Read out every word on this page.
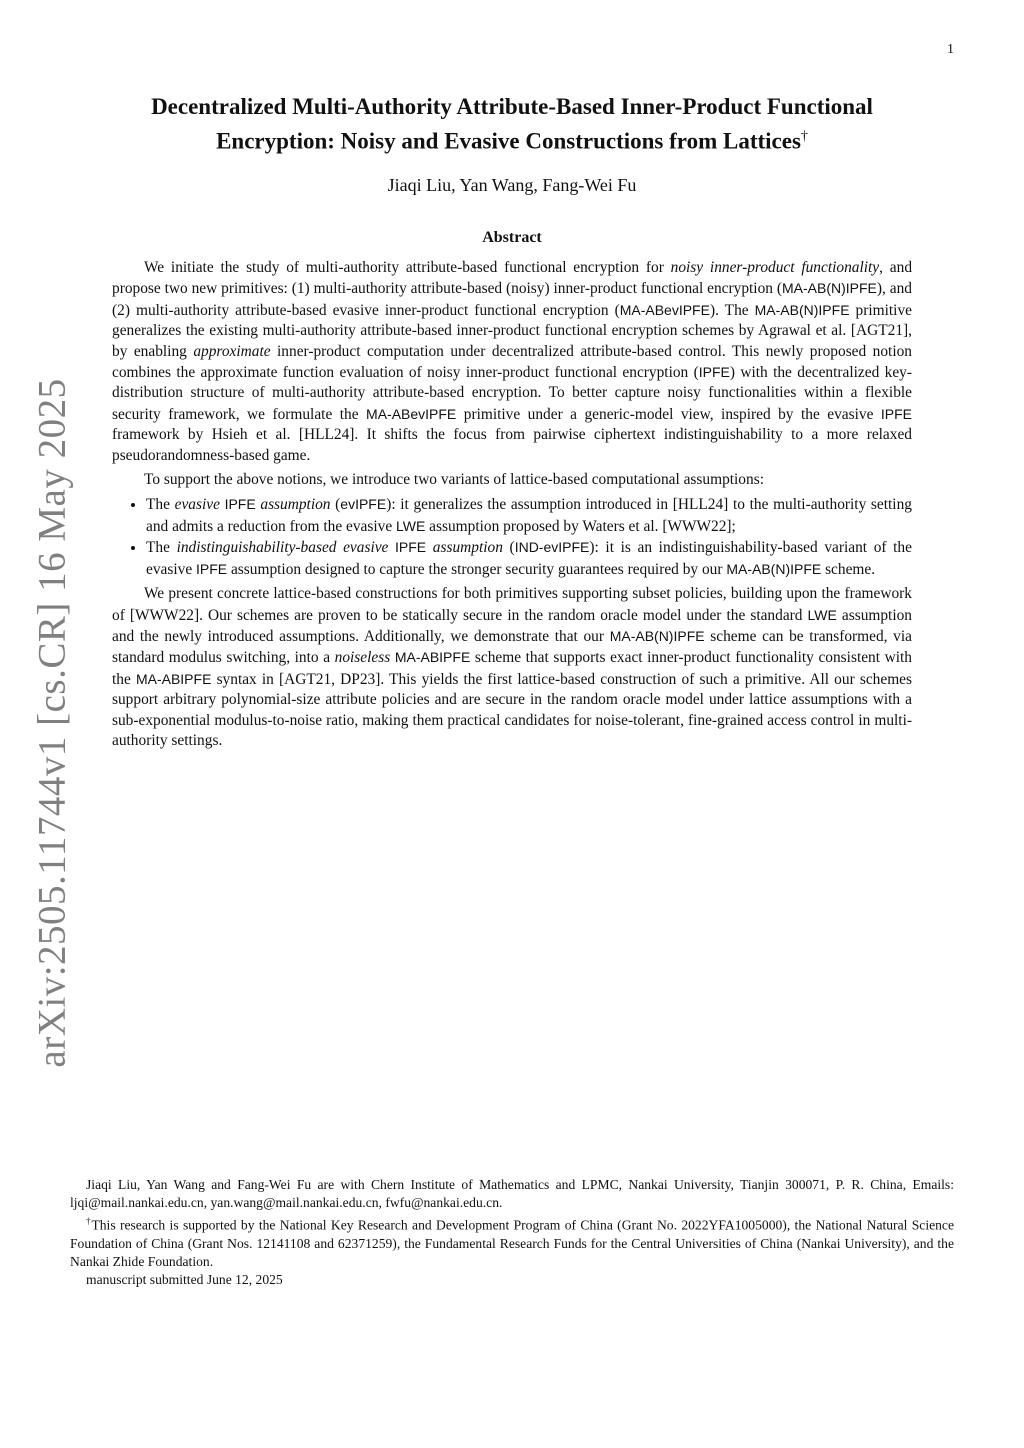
1
arXiv:2505.11744v1 [cs.CR] 16 May 2025
Decentralized Multi-Authority Attribute-Based Inner-Product Functional
Encryption: Noisy and Evasive Constructions from Lattices†
Jiaqi Liu, Yan Wang, Fang-Wei Fu
Abstract

We initiate the study of multi-authority attribute-based functional encryption for noisy inner-product functionality, and propose two new primitives: (1) multi-authority attribute-based (noisy) inner-product functional encryption (MA-AB(N)IPFE), and (2) multi-authority attribute-based evasive inner-product functional encryption (MA-ABevIPFE). The MA-AB(N)IPFE primitive generalizes the existing multi-authority attribute-based inner-product functional encryption schemes by Agrawal et al. [AGT21], by enabling approximate inner-product computation under decentralized attribute-based control. This newly proposed notion combines the approximate function evaluation of noisy inner-product functional encryption (IPFE) with the decentralized key-distribution structure of multi-authority attribute-based encryption. To better capture noisy functionalities within a flexible security framework, we formulate the MA-ABevIPFE primitive under a generic-model view, inspired by the evasive IPFE framework by Hsieh et al. [HLL24]. It shifts the focus from pairwise ciphertext indistinguishability to a more relaxed pseudorandomness-based game.

To support the above notions, we introduce two variants of lattice-based computational assumptions:

• The evasive IPFE assumption (evIPFE): it generalizes the assumption introduced in [HLL24] to the multi-authority setting and admits a reduction from the evasive LWE assumption proposed by Waters et al. [WWW22];
• The indistinguishability-based evasive IPFE assumption (IND-evIPFE): it is an indistinguishability-based variant of the evasive IPFE assumption designed to capture the stronger security guarantees required by our MA-AB(N)IPFE scheme.

We present concrete lattice-based constructions for both primitives supporting subset policies, building upon the framework of [WWW22]. Our schemes are proven to be statically secure in the random oracle model under the standard LWE assumption and the newly introduced assumptions. Additionally, we demonstrate that our MA-AB(N)IPFE scheme can be transformed, via standard modulus switching, into a noiseless MA-ABIPFE scheme that supports exact inner-product functionality consistent with the MA-ABIPFE syntax in [AGT21, DP23]. This yields the first lattice-based construction of such a primitive. All our schemes support arbitrary polynomial-size attribute policies and are secure in the random oracle model under lattice assumptions with a sub-exponential modulus-to-noise ratio, making them practical candidates for noise-tolerant, fine-grained access control in multi-authority settings.

Jiaqi Liu, Yan Wang and Fang-Wei Fu are with Chern Institute of Mathematics and LPMC, Nankai University, Tianjin 300071, P. R. China, Emails: ljqi@mail.nankai.edu.cn, yan.wang@mail.nankai.edu.cn, fwfu@nankai.edu.cn.

†This research is supported by the National Key Research and Development Program of China (Grant No. 2022YFA1005000), the National Natural Science Foundation of China (Grant Nos. 12141108 and 62371259), the Fundamental Research Funds for the Central Universities of China (Nankai University), and the Nankai Zhide Foundation.

manuscript submitted June 12, 2025
